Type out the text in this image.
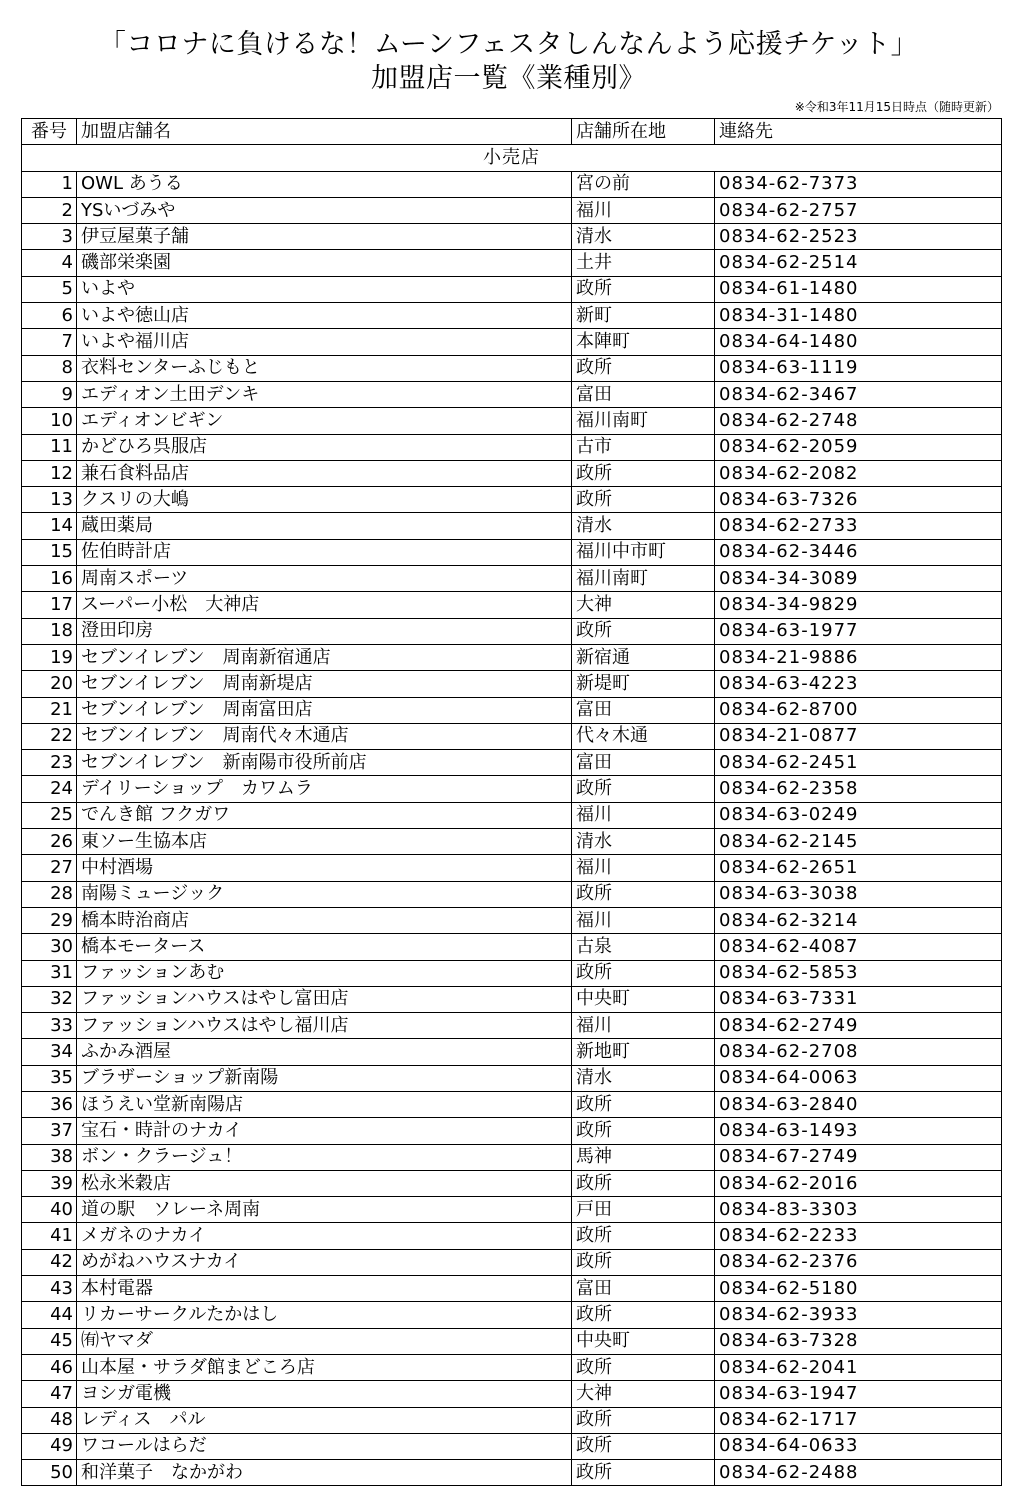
「コロナに負けるな！ムーンフェスタしんなんよう応援チケット」
加盟店一覧《業種別》
※令和3年11月15日時点（随時更新）
番号	加盟店舗名	店舗所在地	連絡先
小売店			
1	OWL あうる	宮の前	0834-62-7373
2	YSいづみや	福川	0834-62-2757
3	伊豆屋菓子舗	清水	0834-62-2523
4	磯部栄楽園	土井	0834-62-2514
5	いよや	政所	0834-61-1480
6	いよや徳山店	新町	0834-31-1480
7	いよや福川店	本陣町	0834-64-1480
8	衣料センターふじもと	政所	0834-63-1119
9	エディオン土田デンキ	富田	0834-62-3467
10	エディオンビギン	福川南町	0834-62-2748
11	かどひろ呉服店	古市	0834-62-2059
12	兼石食料品店	政所	0834-62-2082
13	クスリの大嶋	政所	0834-63-7326
14	蔵田薬局	清水	0834-62-2733
15	佐伯時計店	福川中市町	0834-62-3446
16	周南スポーツ	福川南町	0834-34-3089
17	スーパー小松　大神店	大神	0834-34-9829
18	澄田印房	政所	0834-63-1977
19	セブンイレブン　周南新宿通店	新宿通	0834-21-9886
20	セブンイレブン　周南新堤店	新堤町	0834-63-4223
21	セブンイレブン　周南富田店	富田	0834-62-8700
22	セブンイレブン　周南代々木通店	代々木通	0834-21-0877
23	セブンイレブン　新南陽市役所前店	富田	0834-62-2451
24	デイリーショップ　カワムラ	政所	0834-62-2358
25	でんき館 フクガワ	福川	0834-63-0249
26	東ソー生協本店	清水	0834-62-2145
27	中村酒場	福川	0834-62-2651
28	南陽ミュージック	政所	0834-63-3038
29	橋本時治商店	福川	0834-62-3214
30	橋本モータース	古泉	0834-62-4087
31	ファッションあむ	政所	0834-62-5853
32	ファッションハウスはやし富田店	中央町	0834-63-7331
33	ファッションハウスはやし福川店	福川	0834-62-2749
34	ふかみ酒屋	新地町	0834-62-2708
35	ブラザーショップ新南陽	清水	0834-64-0063
36	ほうえい堂新南陽店	政所	0834-63-2840
37	宝石・時計のナカイ	政所	0834-63-1493
38	ボン・クラージュ！	馬神	0834-67-2749
39	松永米穀店	政所	0834-62-2016
40	道の駅　ソレーネ周南	戸田	0834-83-3303
41	メガネのナカイ	政所	0834-62-2233
42	めがねハウスナカイ	政所	0834-62-2376
43	本村電器	富田	0834-62-5180
44	リカーサークルたかはし	政所	0834-62-3933
45	㈲ヤマダ	中央町	0834-63-7328
46	山本屋・サラダ館まどころ店	政所	0834-62-2041
47	ヨシガ電機	大神	0834-63-1947
48	レディス　パル	政所	0834-62-1717
49	ワコールはらだ	政所	0834-64-0633
50	和洋菓子　なかがわ	政所	0834-62-2488
